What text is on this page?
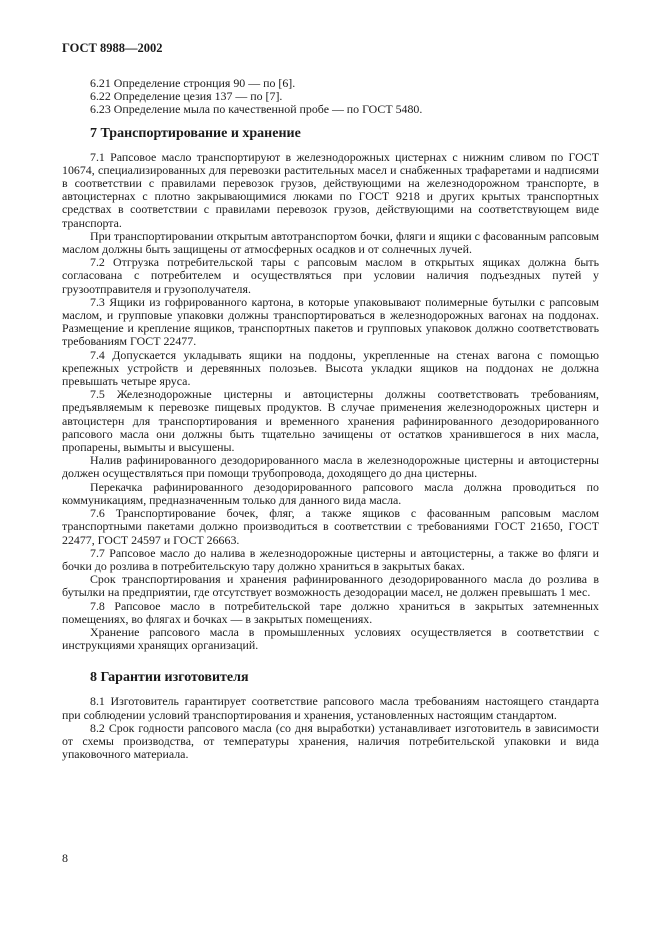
ГОСТ 8988—2002
6.21 Определение стронция 90 — по [6].
6.22 Определение цезия 137 — по [7].
6.23 Определение мыла по качественной пробе — по ГОСТ 5480.
7 Транспортирование и хранение

7.1 Рапсовое масло транспортируют в железнодорожных цистернах с нижним сливом по ГОСТ 10674, специализированных для перевозки растительных масел и снабженных трафаретами и надписями в соответствии с правилами перевозок грузов, действующими на железнодорожном транспорте, в автоцистернах с плотно закрывающимися люками по ГОСТ 9218 и других крытых транспортных средствах в соответствии с правилами перевозок грузов, действующими на соответствующем виде транспорта.

При транспортировании открытым автотранспортом бочки, фляги и ящики с фасованным рапсовым маслом должны быть защищены от атмосферных осадков и от солнечных лучей.

7.2 Отгрузка потребительской тары с рапсовым маслом в открытых ящиках должна быть согласована с потребителем и осуществляться при условии наличия подъездных путей у грузоотправителя и грузополучателя.

7.3 Ящики из гофрированного картона, в которые упаковывают полимерные бутылки с рапсовым маслом, и групповые упаковки должны транспортироваться в железнодорожных вагонах на поддонах. Размещение и крепление ящиков, транспортных пакетов и групповых упаковок должно соответствовать требованиям ГОСТ 22477.

7.4 Допускается укладывать ящики на поддоны, укрепленные на стенах вагона с помощью крепежных устройств и деревянных полозьев. Высота укладки ящиков на поддонах не должна превышать четыре яруса.

7.5 Железнодорожные цистерны и автоцистерны должны соответствовать требованиям, предъявляемым к перевозке пищевых продуктов. В случае применения железнодорожных цистерн и автоцистерн для транспортирования и временного хранения рафинированного дезодорированного рапсового масла они должны быть тщательно зачищены от остатков хранившегося в них масла, пропарены, вымыты и высушены.

Налив рафинированного дезодорированного масла в железнодорожные цистерны и автоцистерны должен осуществляться при помощи трубопровода, доходящего до дна цистерны.

Перекачка рафинированного дезодорированного рапсового масла должна проводиться по коммуникациям, предназначенным только для данного вида масла.

7.6 Транспортирование бочек, фляг, а также ящиков с фасованным рапсовым маслом транспортными пакетами должно производиться в соответствии с требованиями ГОСТ 21650, ГОСТ 22477, ГОСТ 24597 и ГОСТ 26663.

7.7 Рапсовое масло до налива в железнодорожные цистерны и автоцистерны, а также во фляги и бочки до розлива в потребительскую тару должно храниться в закрытых баках.

Срок транспортирования и хранения рафинированного дезодорированного масла до розлива в бутылки на предприятии, где отсутствует возможность дезодорации масел, не должен превышать 1 мес.

7.8 Рапсовое масло в потребительской таре должно храниться в закрытых затемненных помещениях, во флягах и бочках — в закрытых помещениях.

Хранение рапсового масла в промышленных условиях осуществляется в соответствии с инструкциями хранящих организаций.

8 Гарантии изготовителя

8.1 Изготовитель гарантирует соответствие рапсового масла требованиям настоящего стандарта при соблюдении условий транспортирования и хранения, установленных настоящим стандартом.

8.2 Срок годности рапсового масла (со дня выработки) устанавливает изготовитель в зависимости от схемы производства, от температуры хранения, наличия потребительской упаковки и вида упаковочного материала.

8
